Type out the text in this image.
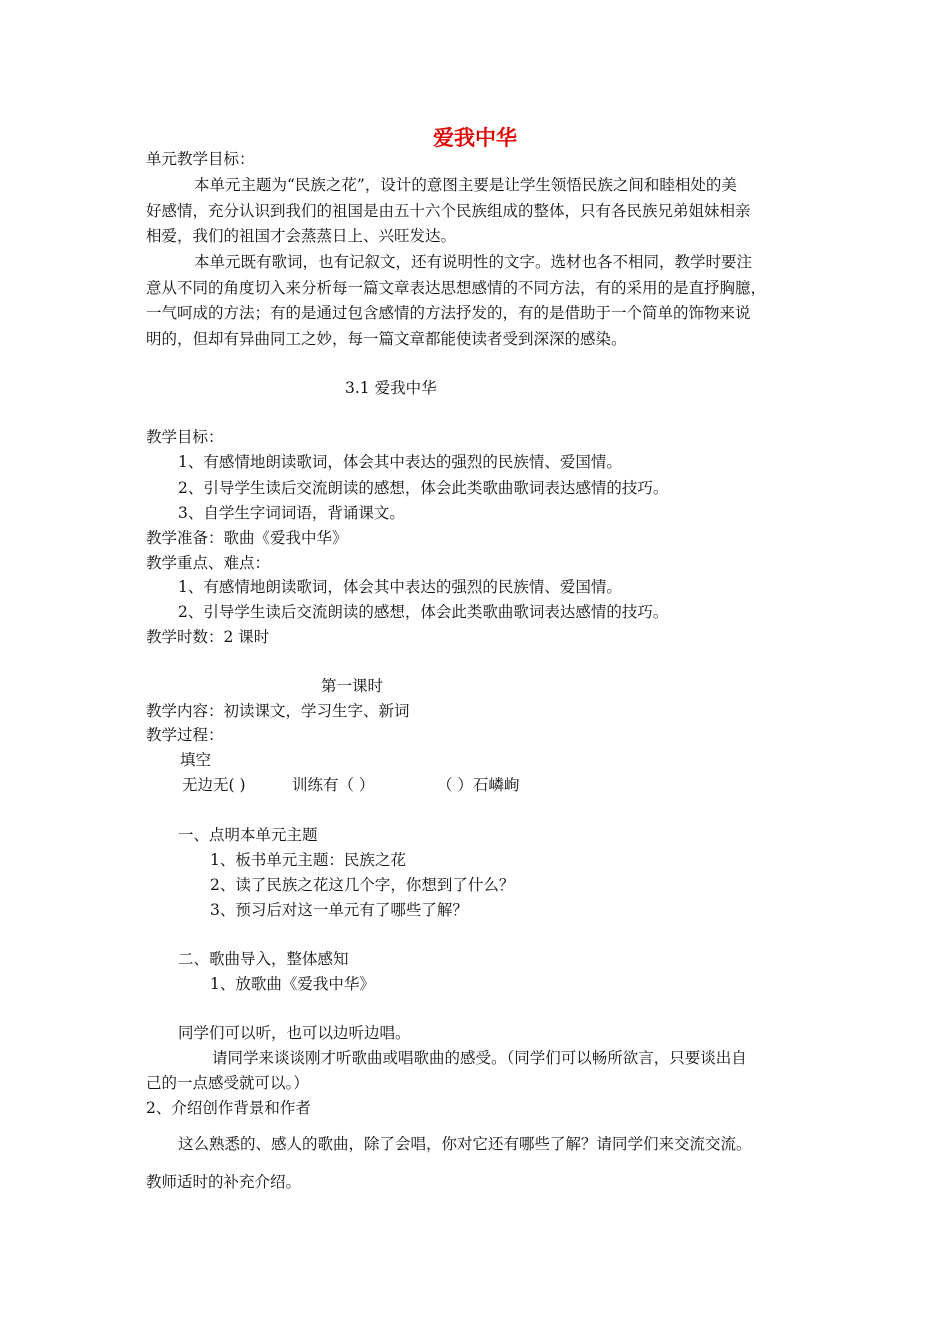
爱我中华
单元教学目标：
本单元主题为“民族之花”，设计的意图主要是让学生领悟民族之间和睦相处的美
好感情，充分认识到我们的祖国是由五十六个民族组成的整体，只有各民族兄弟姐妹相亲
相爱，我们的祖国才会蒸蒸日上、兴旺发达。
本单元既有歌词，也有记叙文，还有说明性的文字。选材也各不相同，教学时要注
意从不同的角度切入来分析每一篇文章表达思想感情的不同方法，有的采用的是直抒胸臆，
一气呵成的方法；有的是通过包含感情的方法抒发的，有的是借助于一个简单的饰物来说
明的，但却有异曲同工之妙，每一篇文章都能使读者受到深深的感染。
3.1 爱我中华
教学目标：
1、有感情地朗读歌词，体会其中表达的强烈的民族情、爱国情。
2、引导学生读后交流朗读的感想，体会此类歌曲歌词表达感情的技巧。
3、自学生字词词语，背诵课文。
教学准备：歌曲《爱我中华》
教学重点、难点：
1、有感情地朗读歌词，体会其中表达的强烈的民族情、爱国情。
2、引导学生读后交流朗读的感想，体会此类歌曲歌词表达感情的技巧。
教学时数：2 课时
第一课时
教学内容：初读课文，学习生字、新词
教学过程：
填空
无边无( )	训练有（ ）	（ ）石嶙峋
一、点明本单元主题
1、板书单元主题：民族之花
2、读了民族之花这几个字，你想到了什么？
3、预习后对这一单元有了哪些了解？
二、歌曲导入，整体感知
1、放歌曲《爱我中华》
同学们可以听，也可以边听边唱。
请同学来谈谈刚才听歌曲或唱歌曲的感受。（同学们可以畅所欲言，只要谈出自
己的一点感受就可以。）
2、介绍创作背景和作者
这么熟悉的、感人的歌曲，除了会唱，你对它还有哪些了解？请同学们来交流交流。
教师适时的补充介绍。
